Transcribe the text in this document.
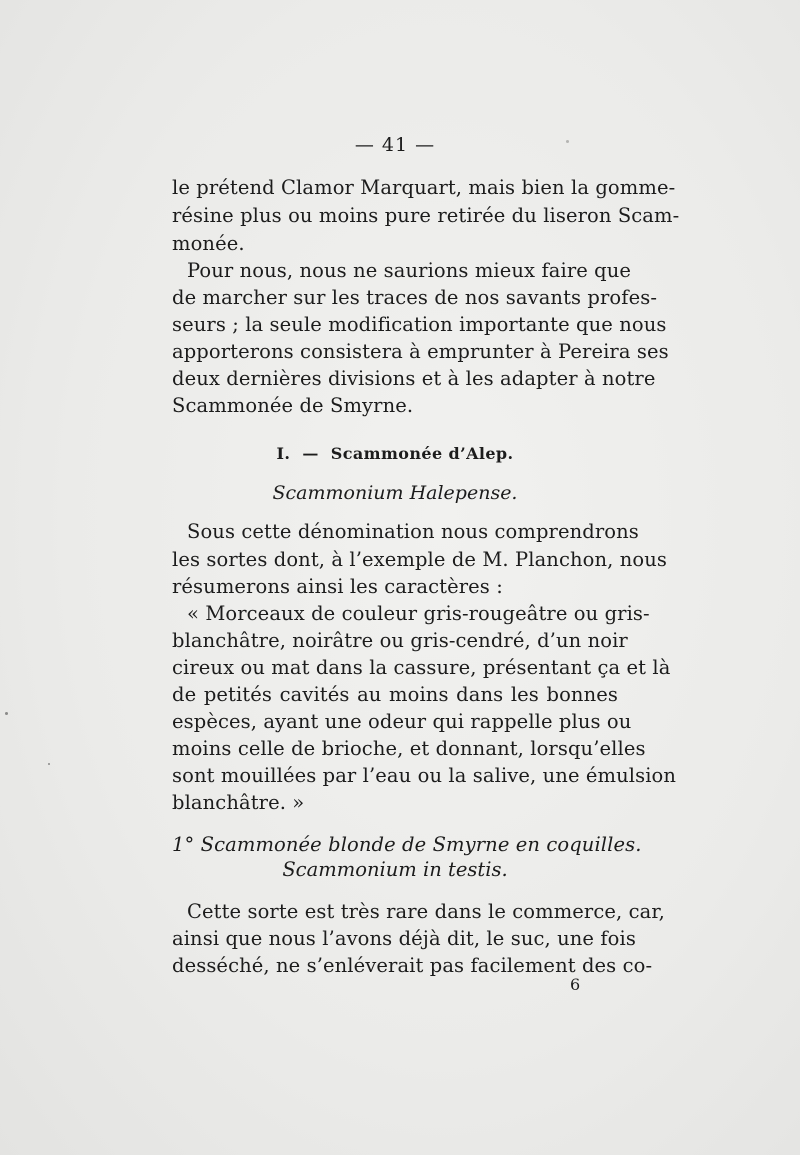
— 41 —
le prétend Clamor Marquart, mais bien la gomme-
résine plus ou moins pure retirée du liseron Scam-
monée.
Pour nous, nous ne saurions mieux faire que
de marcher sur les traces de nos savants profes-
seurs ; la seule modification importante que nous
apporterons consistera à emprunter à Pereira ses
deux dernières divisions et à les adapter à notre
Scammonée de Smyrne.
I. — Scammonée d’Alep.
Scammonium Halepense.
Sous cette dénomination nous comprendrons
les sortes dont, à l’exemple de M. Planchon, nous
résumerons ainsi les caractères :
« Morceaux de couleur gris-rougeâtre ou gris-
blanchâtre, noirâtre ou gris-cendré, d’un noir
cireux ou mat dans la cassure, présentant ça et là
de petités cavités au moins dans les bonnes
espèces, ayant une odeur qui rappelle plus ou
moins celle de brioche, et donnant, lorsqu’elles
sont mouillées par l’eau ou la salive, une émulsion
blanchâtre. »
1° Scammonée blonde de Smyrne en coquilles.
Scammonium in testis.
Cette sorte est très rare dans le commerce, car,
ainsi que nous l’avons déjà dit, le suc, une fois
desséché, ne s’enléverait pas facilement des co-
6
